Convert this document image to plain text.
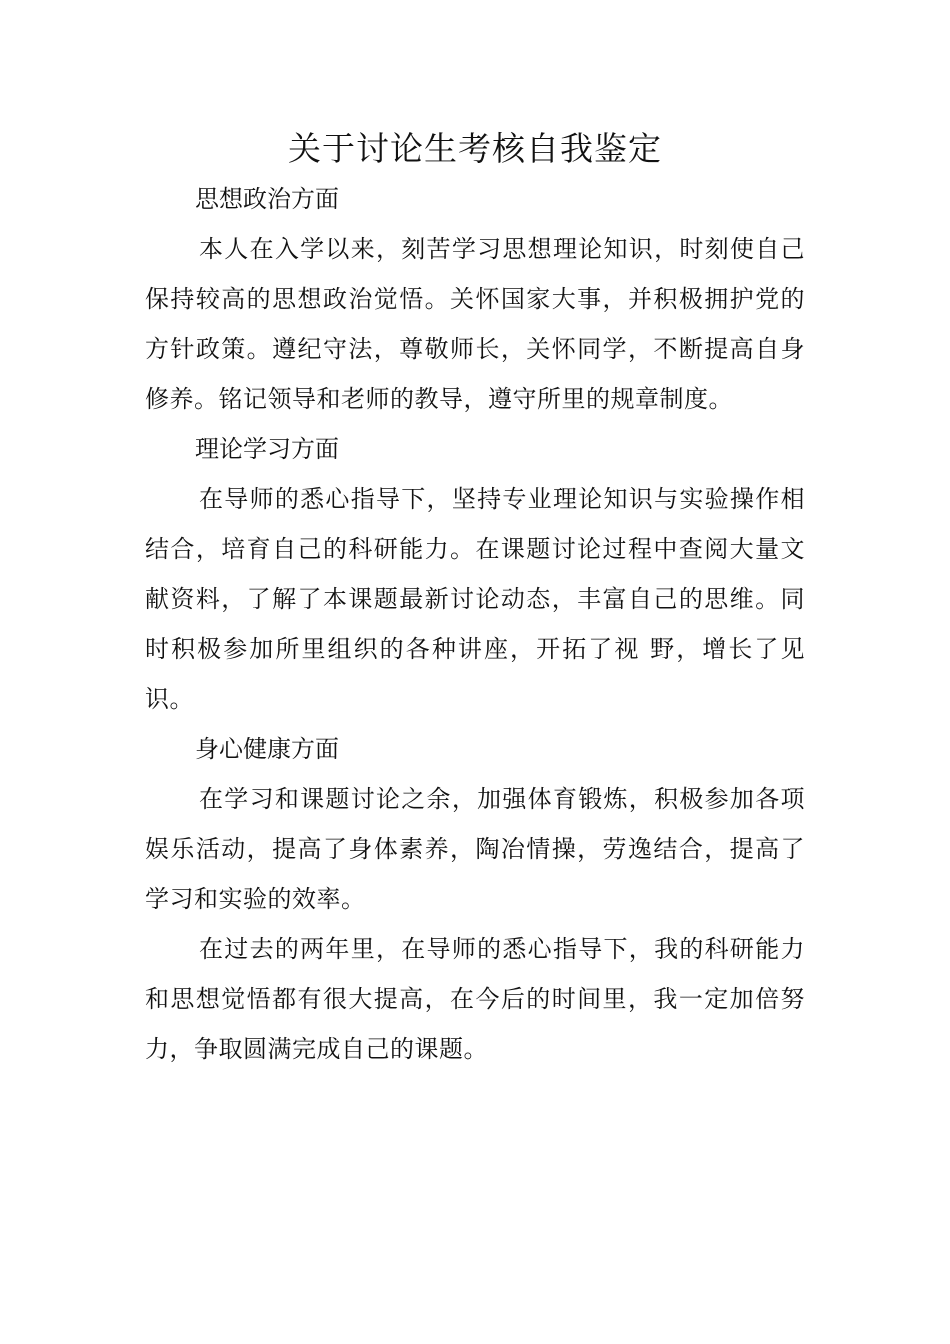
关于讨论生考核自我鉴定

思想政治方面

本人在入学以来，刻苦学习思想理论知识，时刻使自己保持较高的思想政治觉悟。关怀国家大事，并积极拥护党的方针政策。遵纪守法，尊敬师长，关怀同学，不断提高自身修养。铭记领导和老师的教导，遵守所里的规章制度。

理论学习方面

在导师的悉心指导下，坚持专业理论知识与实验操作相结合，培育自己的科研能力。在课题讨论过程中查阅大量文献资料，了解了本课题最新讨论动态，丰富自己的思维。同时积极参加所里组织的各种讲座，开拓了视 野，增长了见识。

身心健康方面

在学习和课题讨论之余，加强体育锻炼，积极参加各项娱乐活动，提高了身体素养，陶冶情操，劳逸结合，提高了学习和实验的效率。

在过去的两年里，在导师的悉心指导下，我的科研能力和思想觉悟都有很大提高，在今后的时间里，我一定加倍努力，争取圆满完成自己的课题。
